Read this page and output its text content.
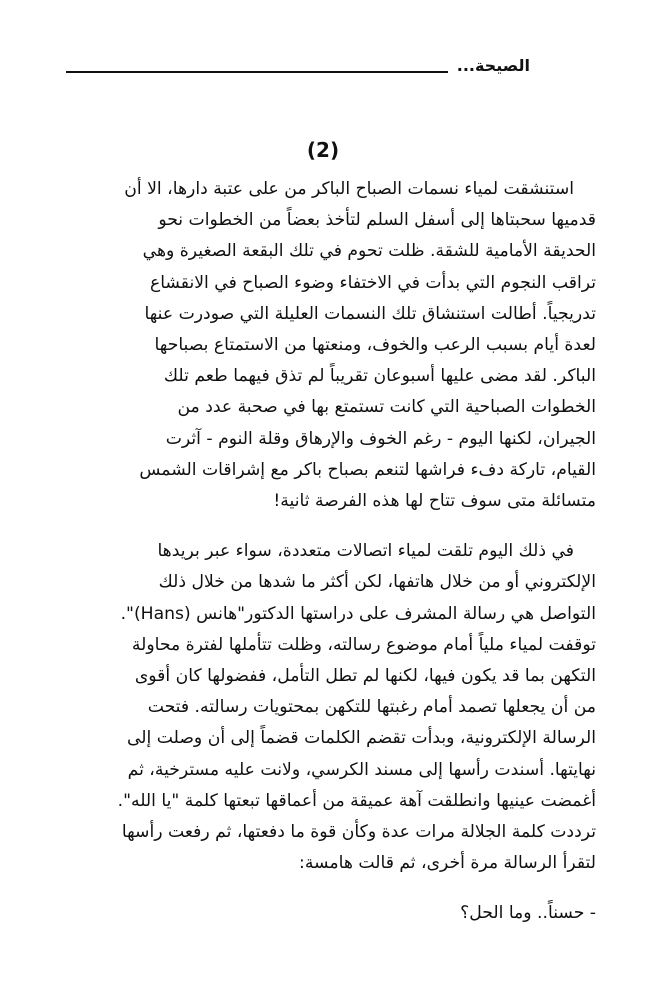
الصيحة...
(2)
استنشقت لمياء نسمات الصباح الباكر من على عتبة دارها، الا أن
قدميها سحبتاها إلى أسفل السلم لتأخذ بعضاً من الخطوات نحو
الحديقة الأمامية للشقة. ظلت تحوم في تلك البقعة الصغيرة وهي
تراقب النجوم التي بدأت في الاختفاء وضوء الصباح في الانقشاع
تدريجياً. أطالت استنشاق تلك النسمات العليلة التي صودرت عنها
لعدة أيام بسبب الرعب والخوف، ومنعتها من الاستمتاع بصباحها
الباكر. لقد مضى عليها أسبوعان تقريباً لم تذق فيهما طعم تلك
الخطوات الصباحية التي كانت تستمتع بها في صحبة عدد من
الجيران، لكنها اليوم - رغم الخوف والإرهاق وقلة النوم - آثرت
القيام، تاركة دفء فراشها لتنعم بصباح باكر مع إشراقات الشمس
متسائلة متى سوف تتاح لها هذه الفرصة ثانية!
في ذلك اليوم تلقت لمياء اتصالات متعددة، سواء عبر بريدها
الإلكتروني أو من خلال هاتفها، لكن أكثر ما شدها من خلال ذلك
التواصل هي رسالة المشرف على دراستها الدكتور"هانس (Hans)".
توقفت لمياء ملياً أمام موضوع رسالته، وظلت تتأملها لفترة محاولة
التكهن بما قد يكون فيها، لكنها لم تطل التأمل، ففضولها كان أقوى
من أن يجعلها تصمد أمام رغبتها للتكهن بمحتويات رسالته. فتحت
الرسالة الإلكترونية، وبدأت تقضم الكلمات قضماً إلى أن وصلت إلى
نهايتها. أسندت رأسها إلى مسند الكرسي، ولانت عليه مسترخية، ثم
أغمضت عينيها وانطلقت آهة عميقة من أعماقها تبعتها كلمة "يا الله".
ترددت كلمة الجلالة مرات عدة وكأن قوة ما دفعتها، ثم رفعت رأسها
لتقرأ الرسالة مرة أخرى، ثم قالت هامسة:
- حسناً.. وما الحل؟
